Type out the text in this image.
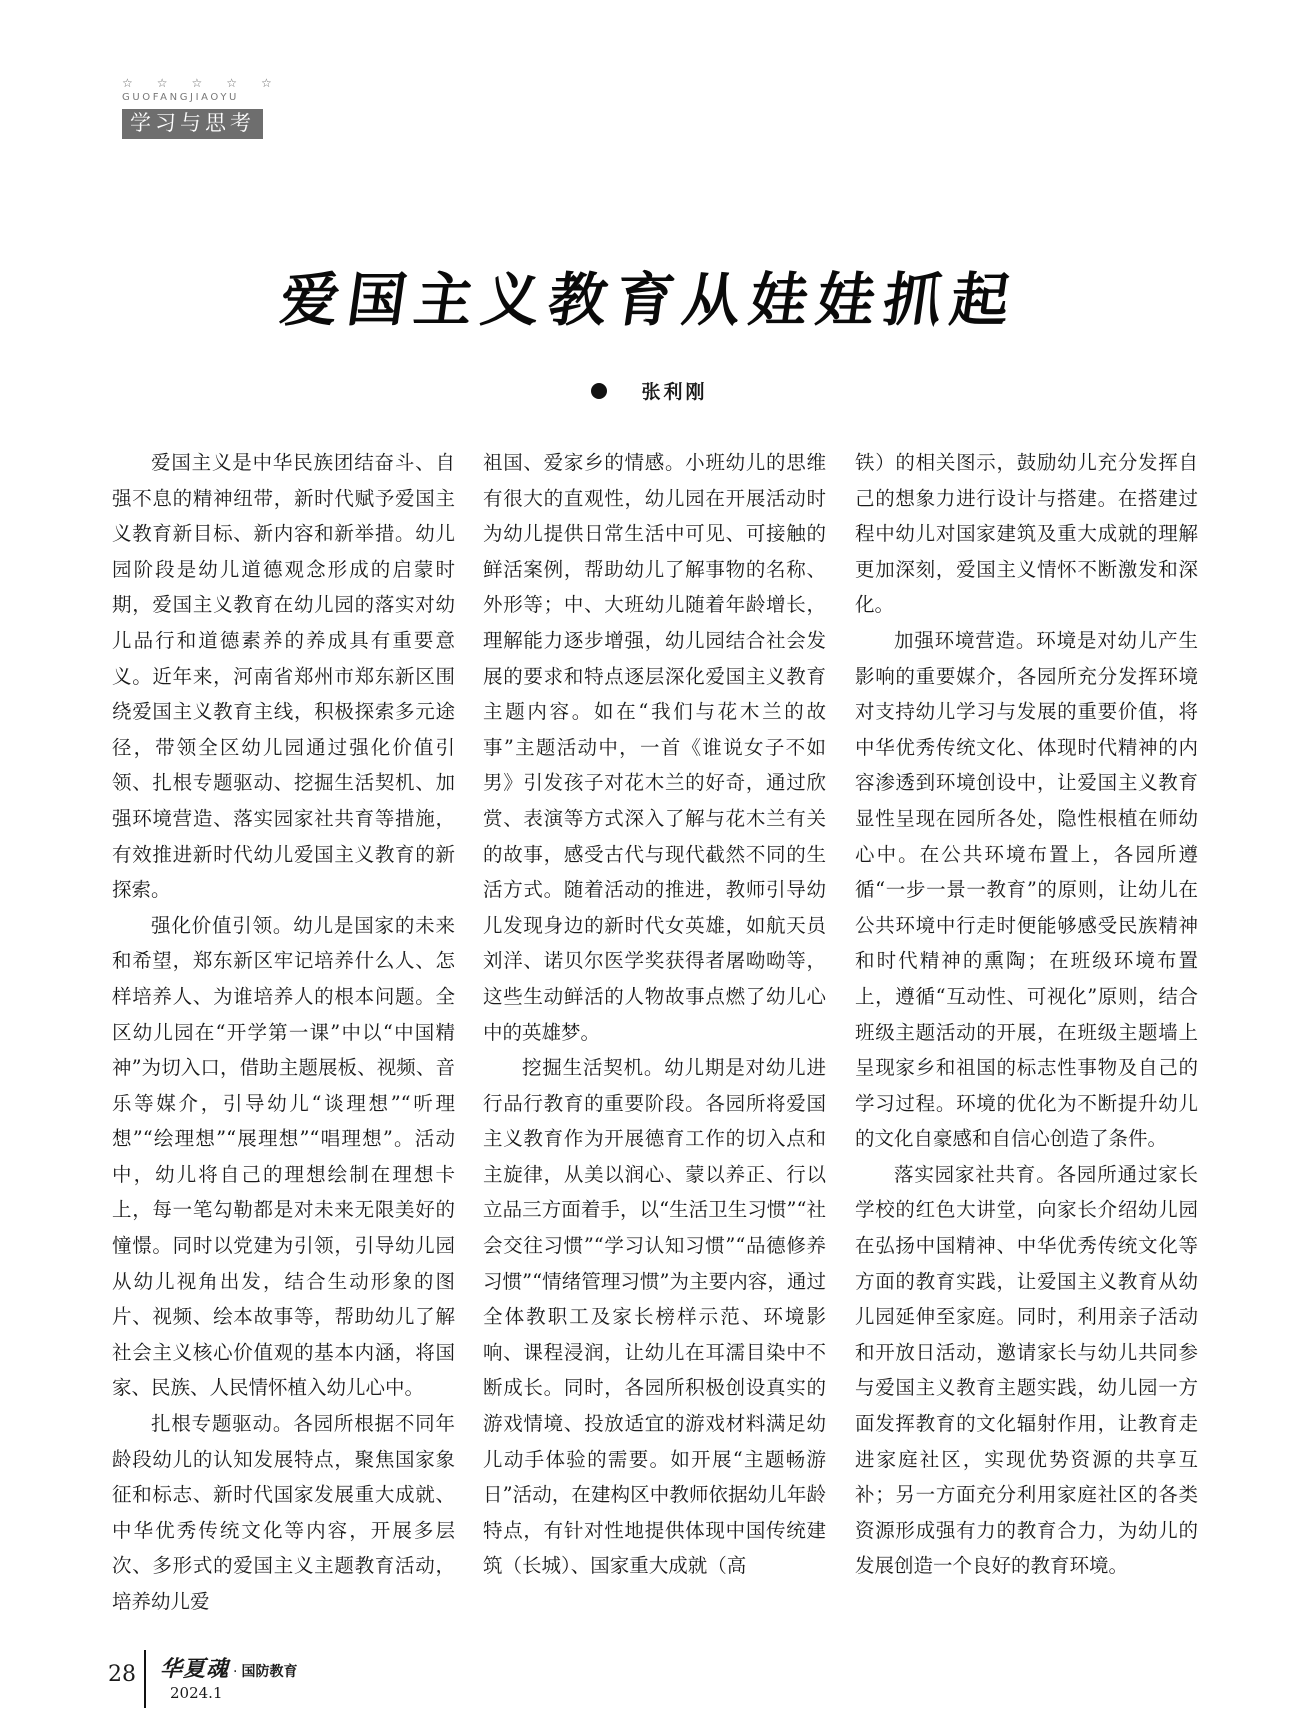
☆☆☆☆☆
GUOFANGJIAOYU
学习与思考
爱国主义教育从娃娃抓起
张利刚

爱国主义是中华民族团结奋斗、自强不息的精神纽带，新时代赋予爱国主义教育新目标、新内容和新举措。幼儿园阶段是幼儿道德观念形成的启蒙时期，爱国主义教育在幼儿园的落实对幼儿品行和道德素养的养成具有重要意义。近年来，河南省郑州市郑东新区围绕爱国主义教育主线，积极探索多元途径，带领全区幼儿园通过强化价值引领、扎根专题驱动、挖掘生活契机、加强环境营造、落实园家社共育等措施，有效推进新时代幼儿爱国主义教育的新探索。

强化价值引领。幼儿是国家的未来和希望，郑东新区牢记培养什么人、怎样培养人、为谁培养人的根本问题。全区幼儿园在“开学第一课”中以“中国精神”为切入口，借助主题展板、视频、音乐等媒介，引导幼儿“谈理想”“听理想”“绘理想”“展理想”“唱理想”。活动中，幼儿将自己的理想绘制在理想卡上，每一笔勾勒都是对未来无限美好的憧憬。同时以党建为引领，引导幼儿园从幼儿视角出发，结合生动形象的图片、视频、绘本故事等，帮助幼儿了解社会主义核心价值观的基本内涵，将国家、民族、人民情怀植入幼儿心中。

扎根专题驱动。各园所根据不同年龄段幼儿的认知发展特点，聚焦国家象征和标志、新时代国家发展重大成就、中华优秀传统文化等内容，开展多层次、多形式的爱国主义主题教育活动，培养幼儿爱

祖国、爱家乡的情感。小班幼儿的思维有很大的直观性，幼儿园在开展活动时为幼儿提供日常生活中可见、可接触的鲜活案例，帮助幼儿了解事物的名称、外形等；中、大班幼儿随着年龄增长，理解能力逐步增强，幼儿园结合社会发展的要求和特点逐层深化爱国主义教育主题内容。如在“我们与花木兰的故事”主题活动中，一首《谁说女子不如男》引发孩子对花木兰的好奇，通过欣赏、表演等方式深入了解与花木兰有关的故事，感受古代与现代截然不同的生活方式。随着活动的推进，教师引导幼儿发现身边的新时代女英雄，如航天员刘洋、诺贝尔医学奖获得者屠呦呦等，这些生动鲜活的人物故事点燃了幼儿心中的英雄梦。

挖掘生活契机。幼儿期是对幼儿进行品行教育的重要阶段。各园所将爱国主义教育作为开展德育工作的切入点和主旋律，从美以润心、蒙以养正、行以立品三方面着手，以“生活卫生习惯”“社会交往习惯”“学习认知习惯”“品德修养习惯”“情绪管理习惯”为主要内容，通过全体教职工及家长榜样示范、环境影响、课程浸润，让幼儿在耳濡目染中不断成长。同时，各园所积极创设真实的游戏情境、投放适宜的游戏材料满足幼儿动手体验的需要。如开展“主题畅游日”活动，在建构区中教师依据幼儿年龄特点，有针对性地提供体现中国传统建筑（长城）、国家重大成就（高

铁）的相关图示，鼓励幼儿充分发挥自己的想象力进行设计与搭建。在搭建过程中幼儿对国家建筑及重大成就的理解更加深刻，爱国主义情怀不断激发和深化。

加强环境营造。环境是对幼儿产生影响的重要媒介，各园所充分发挥环境对支持幼儿学习与发展的重要价值，将中华优秀传统文化、体现时代精神的内容渗透到环境创设中，让爱国主义教育显性呈现在园所各处，隐性根植在师幼心中。在公共环境布置上，各园所遵循“一步一景一教育”的原则，让幼儿在公共环境中行走时便能够感受民族精神和时代精神的熏陶；在班级环境布置上，遵循“互动性、可视化”原则，结合班级主题活动的开展，在班级主题墙上呈现家乡和祖国的标志性事物及自己的学习过程。环境的优化为不断提升幼儿的文化自豪感和自信心创造了条件。

落实园家社共育。各园所通过家长学校的红色大讲堂，向家长介绍幼儿园在弘扬中国精神、中华优秀传统文化等方面的教育实践，让爱国主义教育从幼儿园延伸至家庭。同时，利用亲子活动和开放日活动，邀请家长与幼儿共同参与爱国主义教育主题实践，幼儿园一方面发挥教育的文化辐射作用，让教育走进家庭社区，实现优势资源的共享互补；另一方面充分利用家庭社区的各类资源形成强有力的教育合力，为幼儿的发展创造一个良好的教育环境。

28 华夏魂 · 国防教育
2024.1
